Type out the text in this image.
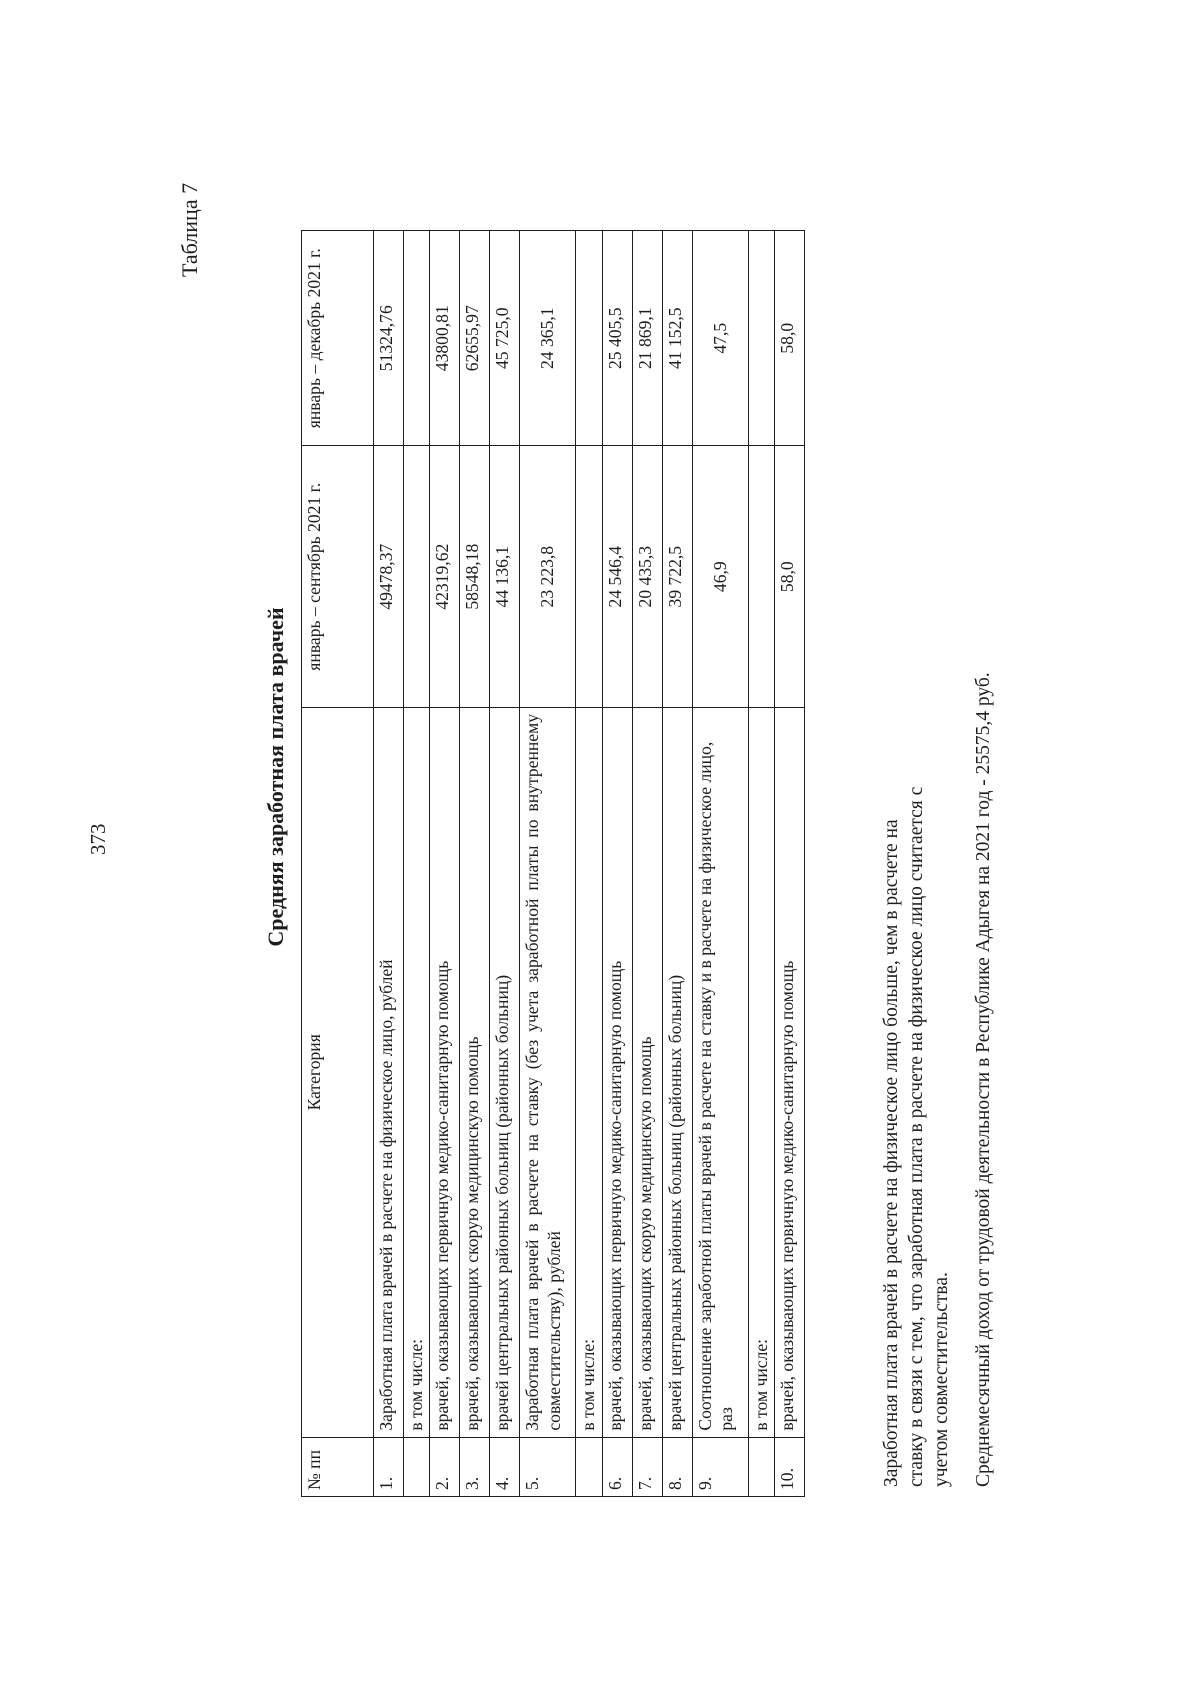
373
Таблица 7
Средняя заработная плата врачей
№ пп	Категория	январь – сентябрь 2021 г.	январь – декабрь 2021 г.
1.	Заработная плата врачей в расчете на физическое лицо, рублей	49478,37	51324,76
	в том числе:		
2.	врачей, оказывающих первичную медико-санитарную помощь	42319,62	43800,81
3.	врачей, оказывающих скорую медицинскую помощь	58548,18	62655,97
4.	врачей центральных районных больниц (районных больниц)	44 136,1	45 725,0
5.	Заработная плата врачей в расчете на ставку (без учета заработной платы по внутреннему совместительству), рублей	23 223,8	24 365,1
	в том числе:		
6.	врачей, оказывающих первичную медико-санитарную помощь	24 546,4	25 405,5
7.	врачей, оказывающих скорую медицинскую помощь	20 435,3	21 869,1
8.	врачей центральных районных больниц (районных больниц)	39 722,5	41 152,5
9.	Соотношение заработной платы врачей в расчете на ставку и в расчете на физическое лицо, раз	46,9	47,5
	в том числе:		
10.	врачей, оказывающих первичную медико-санитарную помощь	58,0	58,0

Заработная плата врачей в расчете на физическое лицо больше, чем в расчете на ставку в связи с тем, что заработная плата в расчете на физическое лицо считается с учетом совместительства. Среднемесячный доход от трудовой деятельности в Республике Адыгея на 2021 год - 25575,4 руб.
